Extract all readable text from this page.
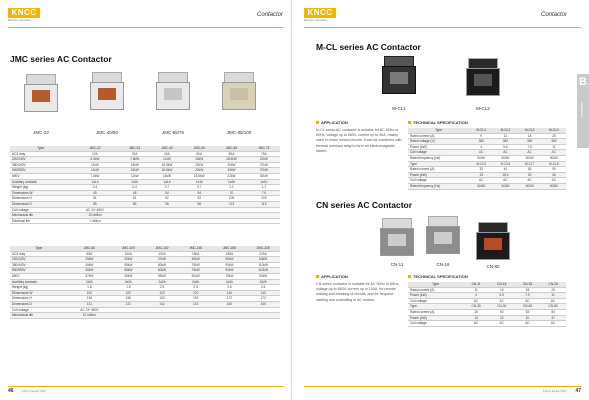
KNCC
Electric Company
Contactor
JMC series AC Contactor
JMC-22	JMC-40/50	JMC-65/75	JMC-85/100
Type	JMC-22	JMC-32	JMC-40	JMC-50	JMC-65	JMC-75
AC3 duty	22A	32A	40A	50A	65A	75A
220/240V	5.5kW	7.5kW	11kW	15kW	18.5kW	22kW
380/440V	11kW	15kW	18.5kW	22kW	30kW	37kW
500/550V	11kW	15kW	18.5kW	22kW	30kW	37kW
690V	7.5kW	11kW	15kW	18.5kW	22kW	30kW
Auxiliary contacts	1a1b	1a1b	1a1b	1a1b	1a1b	1a1b
Weight (kg)	0.4	0.4	0.7	0.7	1.1	1.1
Dimensions W	45	45	54	54	70	70
Dimensions H	81	81	92	92	109	109
Dimensions D	85	85	98	98	113	113
Coil voltage	AC 24~480V					
Mechanical life	10 million					
Electrical life	1 million					
Type	JMC-85	JMC-100	JMC-130	JMC-150	JMC-185	JMC-225
AC3 duty	85A	100A	130A	150A	185A	225A
220/240V	25kW	30kW	37kW	45kW	55kW	63kW
380/440V	45kW	55kW	60kW	75kW	90kW	110kW
500/550V	45kW	55kW	60kW	75kW	90kW	110kW
690V	37kW	45kW	55kW	60kW	75kW	90kW
Auxiliary contacts	2a2b	2a2b	2a2b	2a2b	2a2b	2a2b
Weight (kg)	1.8	1.8	2.5	2.5	3.6	3.6
Dimensions W	100	100	120	120	140	140
Dimensions H	136	136	153	153	172	172
Dimensions D	131	131	142	142	160	160
Coil voltage	AC 24~480V					
Mechanical life	10 million					
46	KNCC ELECTRIC
KNCC
Electric Company
Contactor
M-CL series AC Contactor
M-CL1	M-CL2
B
Contactor
APPLICATION
M-CL series AC contactor is suitable for AC 50Hz or 60Hz, voltage up to 660V, current up to 95A, mainly used in motor control circuits. It can be combined with thermal overload relay to form an electromagnetic starter.
TECHNICAL SPECIFICATION
Type	M-CL1	M-CL2	M-CL3	M-CL4
Rated current (A)	9	12	18	25
Rated voltage (V)	380	380	380	380
Power (kW)	4	5.5	7.5	11
Coil voltage	AC	AC	AC	AC
Rated frequency (Hz)	50/60	50/60	50/60	50/60
Type	M-CL5	M-CL6	M-CL7	M-CL8
Rated current (A)	32	40	65	95
Power (kW)	15	18.5	30	45
Coil voltage	AC	AC	AC	AC
Rated frequency (Hz)	50/60	50/60	50/60	50/60
CN series AC Contactor
CN-11	CN-16	CN-80
APPLICATION
CN series contactor is suitable for AC 50Hz or 60Hz, voltage up to 660V, current up to 100A, for remote making and breaking of circuits, and for frequent starting and controlling of AC motors.
TECHNICAL SPECIFICATION
Type	CN-11	CN-16	CN-18	CN-25
Rated current (A)	11	16	18	25
Power (kW)	4	5.5	7.5	11
Coil voltage	AC	AC	AC	AC
Type	CN-35	CN-50	CN-65	CN-80
Rated current (A)	35	50	65	80
Power (kW)	15	22	30	37
Coil voltage	AC	AC	AC	AC
KNCC ELECTRIC 47
